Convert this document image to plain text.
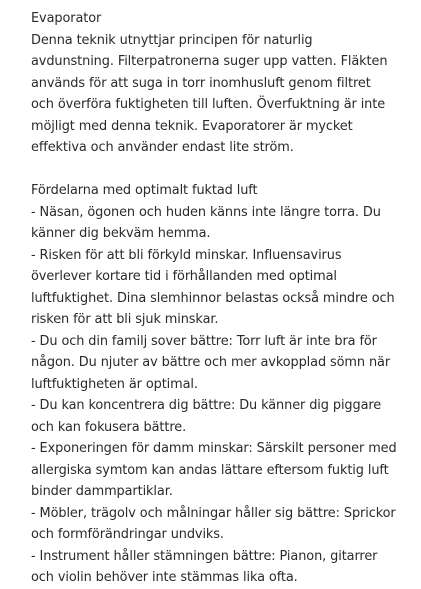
Evaporator
Denna teknik utnyttjar principen för naturlig
avdunstning. Filterpatronerna suger upp vatten. Fläkten
används för att suga in torr inomhusluft genom filtret
och överföra fuktigheten till luften. Överfuktning är inte
möjligt med denna teknik. Evaporatorer är mycket
effektiva och använder endast lite ström.
Fördelarna med optimalt fuktad luft
- Näsan, ögonen och huden känns inte längre torra. Du
känner dig bekväm hemma.
- Risken för att bli förkyld minskar. Influensavirus
överlever kortare tid i förhållanden med optimal
luftfuktighet. Dina slemhinnor belastas också mindre och
risken för att bli sjuk minskar.
- Du och din familj sover bättre: Torr luft är inte bra för
någon. Du njuter av bättre och mer avkopplad sömn när
luftfuktigheten är optimal.
- Du kan koncentrera dig bättre: Du känner dig piggare
och kan fokusera bättre.
- Exponeringen för damm minskar: Särskilt personer med
allergiska symtom kan andas lättare eftersom fuktig luft
binder dammpartiklar.
- Möbler, trägolv och målningar håller sig bättre: Sprickor
och formförändringar undviks.
- Instrument håller stämningen bättre: Pianon, gitarrer
och violin behöver inte stämmas lika ofta.
